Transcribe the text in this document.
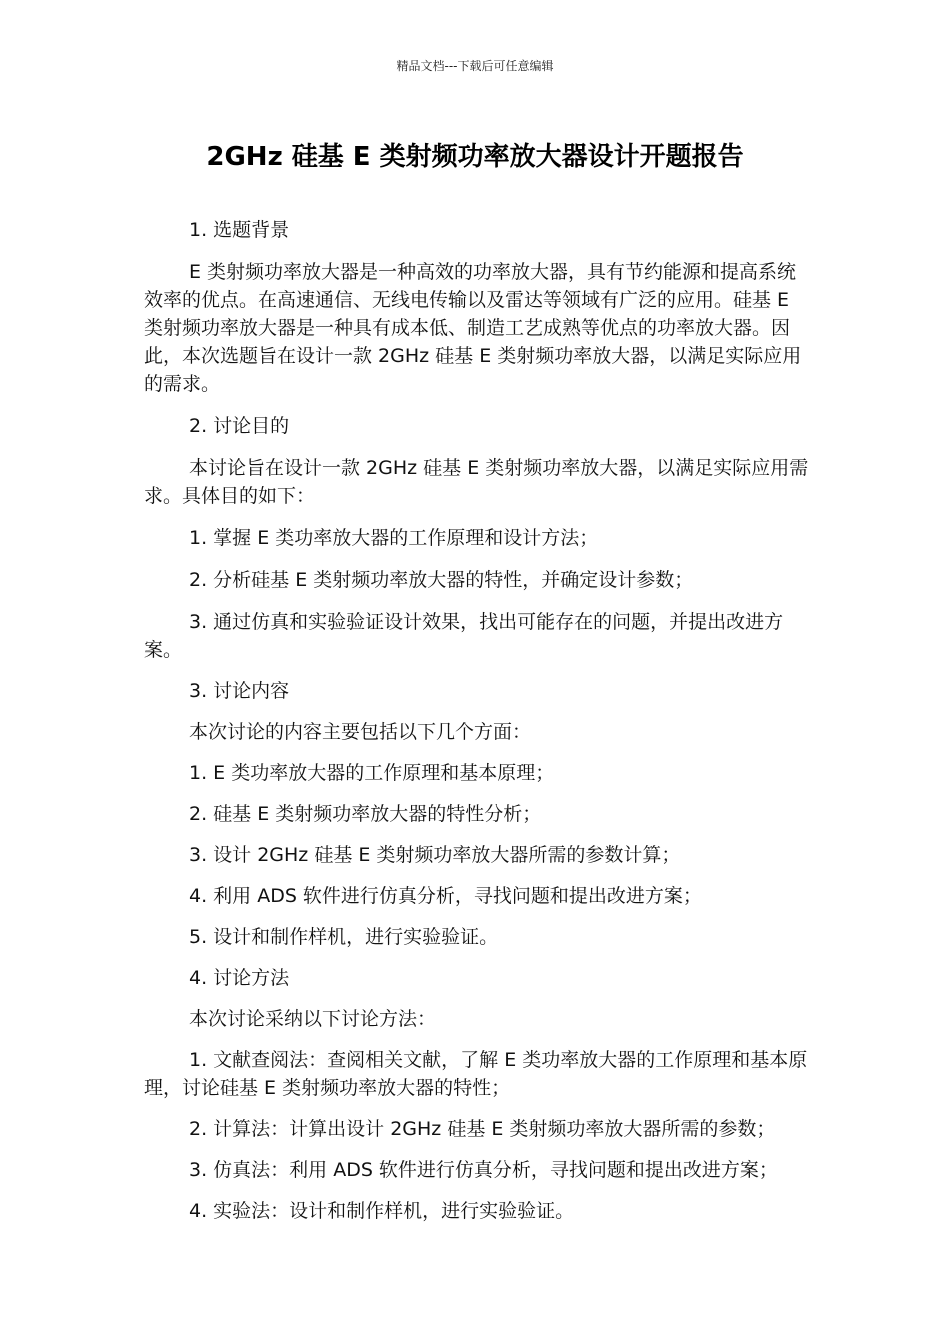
精品文档---下载后可任意编辑
2GHz 硅基 E 类射频功率放大器设计开题报告

1. 选题背景

E 类射频功率放大器是一种高效的功率放大器，具有节约能源和提高系统效率的优点。在高速通信、无线电传输以及雷达等领域有广泛的应用。硅基 E 类射频功率放大器是一种具有成本低、制造工艺成熟等优点的功率放大器。因此，本次选题旨在设计一款 2GHz 硅基 E 类射频功率放大器，以满足实际应用的需求。

2. 讨论目的

本讨论旨在设计一款 2GHz 硅基 E 类射频功率放大器，以满足实际应用需求。具体目的如下：

1. 掌握 E 类功率放大器的工作原理和设计方法；

2. 分析硅基 E 类射频功率放大器的特性，并确定设计参数；

3. 通过仿真和实验验证设计效果，找出可能存在的问题，并提出改进方案。

3. 讨论内容

本次讨论的内容主要包括以下几个方面：

1. E 类功率放大器的工作原理和基本原理；

2. 硅基 E 类射频功率放大器的特性分析；

3. 设计 2GHz 硅基 E 类射频功率放大器所需的参数计算；

4. 利用 ADS 软件进行仿真分析，寻找问题和提出改进方案；

5. 设计和制作样机，进行实验验证。

4. 讨论方法

本次讨论采纳以下讨论方法：

1. 文献查阅法：查阅相关文献，了解 E 类功率放大器的工作原理和基本原理，讨论硅基 E 类射频功率放大器的特性；

2. 计算法：计算出设计 2GHz 硅基 E 类射频功率放大器所需的参数；

3. 仿真法：利用 ADS 软件进行仿真分析，寻找问题和提出改进方案；

4. 实验法：设计和制作样机，进行实验验证。
